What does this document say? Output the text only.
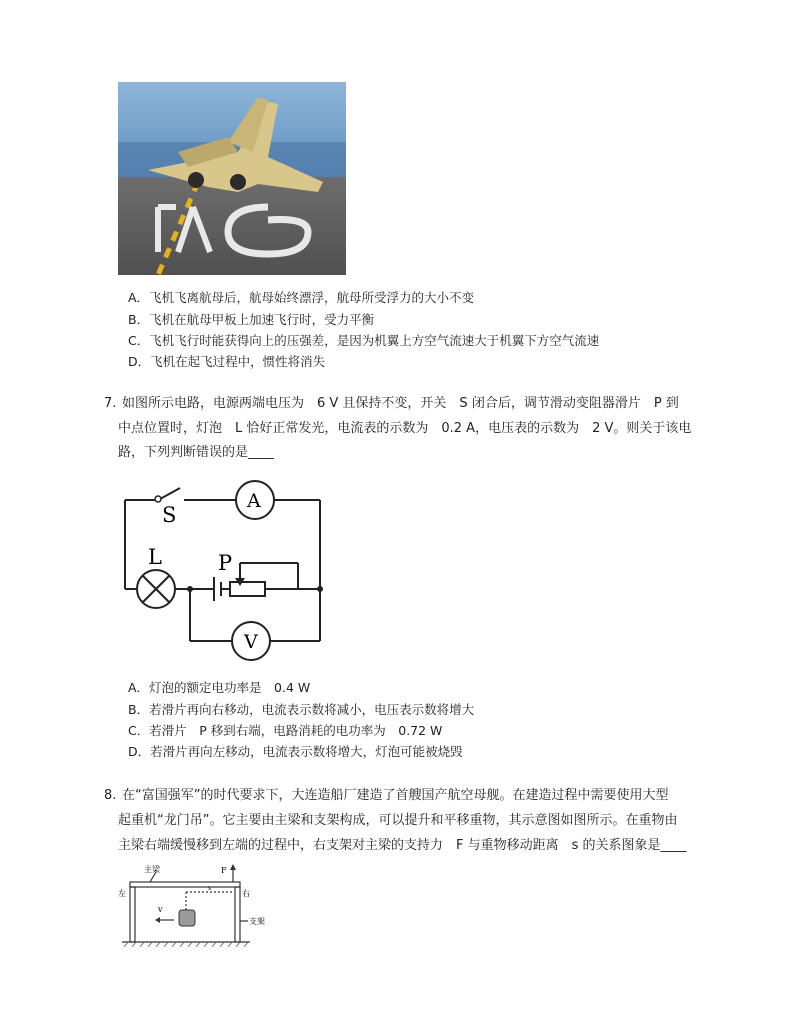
A．飞机飞离航母后，航母始终漂浮，航母所受浮力的大小不变
B．飞机在航母甲板上加速飞行时，受力平衡
C．飞机飞行时能获得向上的压强差，是因为机翼上方空气流速大于机翼下方空气流速
D．飞机在起飞过程中，惯性将消失
7. 如图所示电路，电源两端电压为　6 V 且保持不变，开关　S 闭合后，调节滑动变阻器滑片　P 到
中点位置时，灯泡　L 恰好正常发光，电流表的示数为　0.2 A，电压表的示数为　2 V。则关于该电
路，下列判断错误的是____
S
A
L	P
V
A．灯泡的额定电功率是　0.4 W
B．若滑片再向右移动，电流表示数将减小，电压表示数将增大
C．若滑片　P 移到右端，电路消耗的电功率为　0.72 W
D．若滑片再向左移动，电流表示数将增大，灯泡可能被烧毁
8. 在“富国强军”的时代要求下，大连造船厂建造了首艘国产航空母舰。在建造过程中需要使用大型
起重机“龙门吊”。它主要由主梁和支架构成，可以提升和平移重物，其示意图如图所示。在重物由
主梁右端缓慢移到左端的过程中，右支架对主梁的支持力　F 与重物移动距离　s 的关系图象是____
主梁
左	右
F
v
s
支架
